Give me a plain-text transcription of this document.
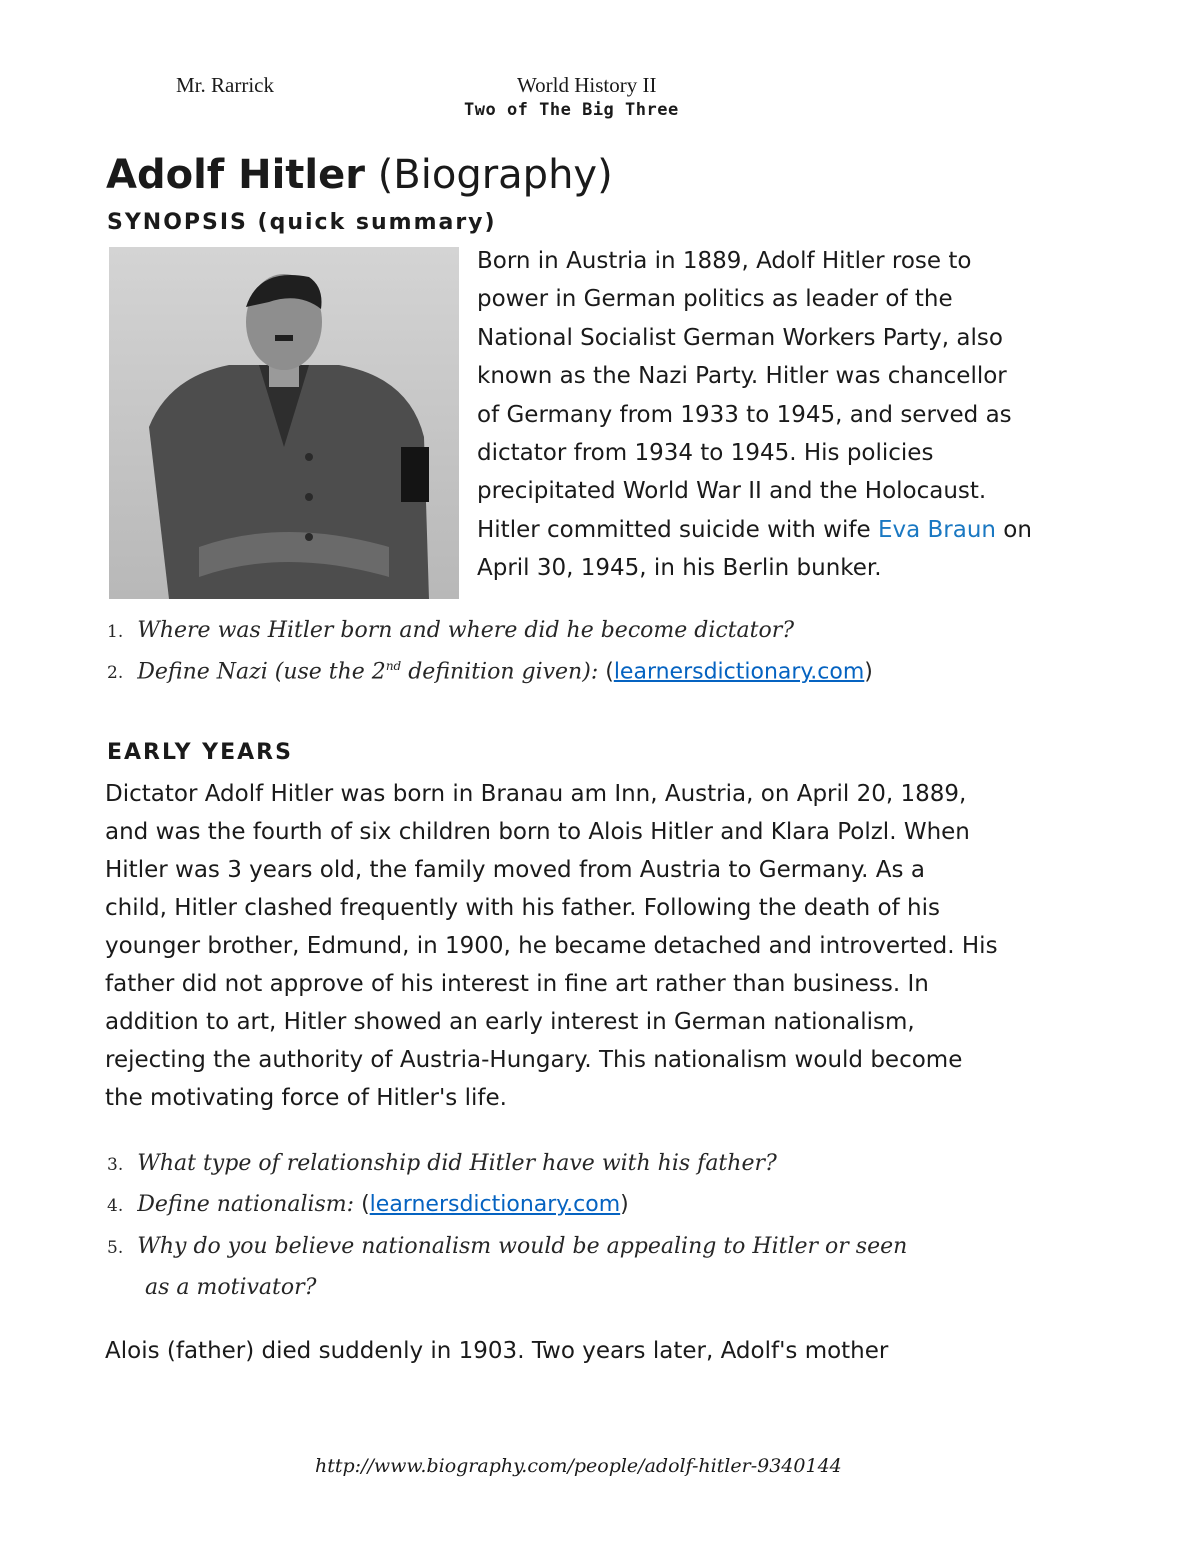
Mr. Rarrick	World History II
Two of The Big Three
Adolf Hitler (Biography)
SYNOPSIS (quick summary)

Born in Austria in 1889, Adolf Hitler rose to

power in German politics as leader of the

National Socialist German Workers Party, also

known as the Nazi Party. Hitler was chancellor

of Germany from 1933 to 1945, and served as

dictator from 1934 to 1945. His policies

precipitated World War II and the Holocaust.

Hitler committed suicide with wife Eva Braun on

April 30, 1945, in his Berlin bunker.

1. Where was Hitler born and where did he become dictator?
2. Define Nazi (use the 2nd definition given): (learnersdictionary.com)
EARLY YEARS

Dictator Adolf Hitler was born in Branau am Inn, Austria, on April 20, 1889,

and was the fourth of six children born to Alois Hitler and Klara Polzl. When

Hitler was 3 years old, the family moved from Austria to Germany. As a

child, Hitler clashed frequently with his father. Following the death of his

younger brother, Edmund, in 1900, he became detached and introverted. His

father did not approve of his interest in fine art rather than business. In

addition to art, Hitler showed an early interest in German nationalism,

rejecting the authority of Austria-Hungary. This nationalism would become

the motivating force of Hitler's life.

3. What type of relationship did Hitler have with his father?
4. Define nationalism: (learnersdictionary.com)
5. Why do you believe nationalism would be appealing to Hitler or seen
as a motivator?
Alois (father) died suddenly in 1903. Two years later, Adolf's mother
http://www.biography.com/people/adolf-hitler-9340144
